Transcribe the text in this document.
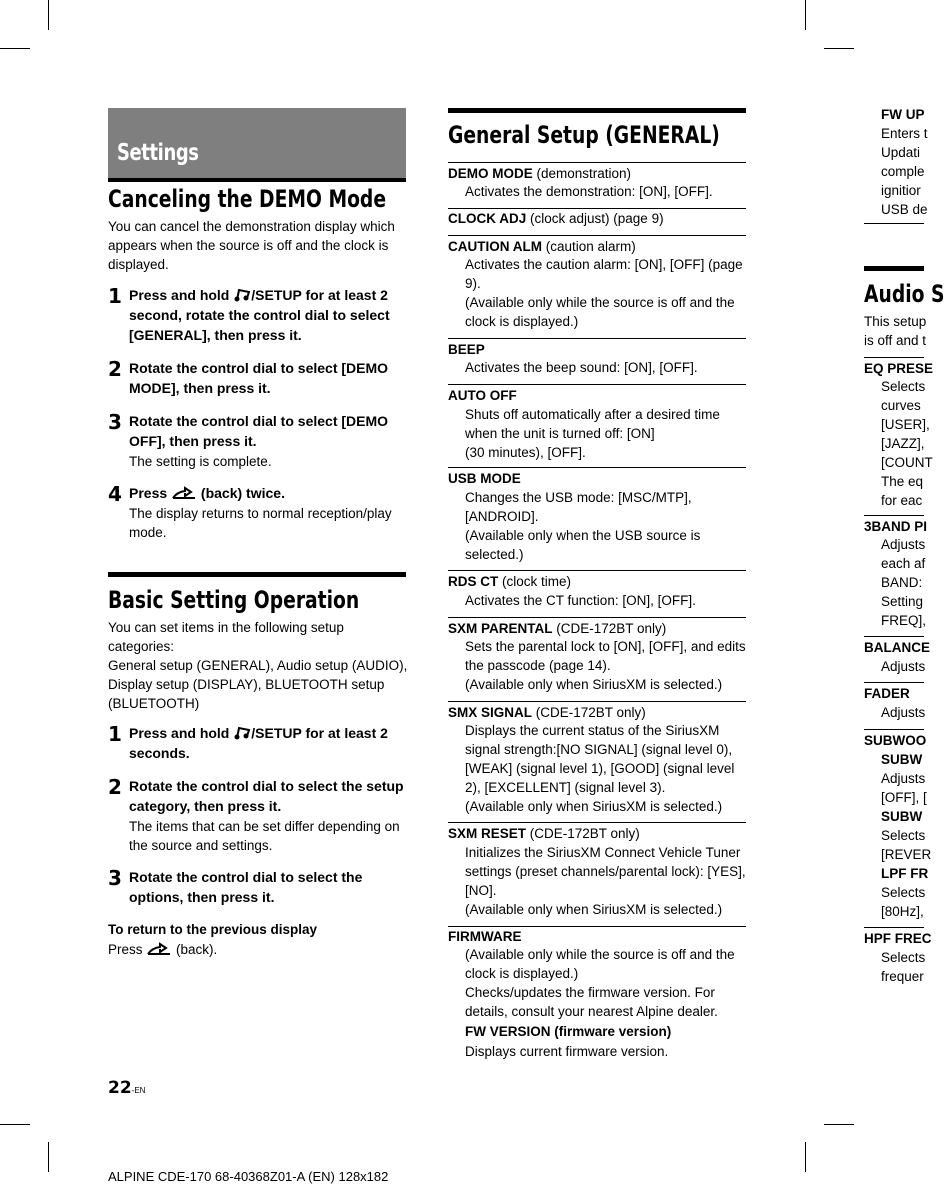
Settings
Canceling the DEMO Mode
You can cancel the demonstration display which appears when the source is off and the clock is displayed.
1 Press and hold /SETUP for at least 2 second, rotate the control dial to select [GENERAL], then press it.
2 Rotate the control dial to select [DEMO MODE], then press it.
3 Rotate the control dial to select [DEMO OFF], then press it.
The setting is complete.
4 Press  (back) twice.
The display returns to normal reception/play mode.
Basic Setting Operation
You can set items in the following setup categories:
General setup (GENERAL), Audio setup (AUDIO), Display setup (DISPLAY), BLUETOOTH setup (BLUETOOTH)
1 Press and hold /SETUP for at least 2 seconds.
2 Rotate the control dial to select the setup category, then press it.
The items that can be set differ depending on the source and settings.
3 Rotate the control dial to select the options, then press it.
To return to the previous display
Press  (back).
22-EN
ALPINE CDE-170 68-40368Z01-A (EN) 128x182
General Setup (GENERAL)
DEMO MODE (demonstration)
Activates the demonstration: [ON], [OFF].
CLOCK ADJ (clock adjust) (page 9)
CAUTION ALM (caution alarm)
Activates the caution alarm: [ON], [OFF] (page 9).
(Available only while the source is off and the clock is displayed.)
BEEP
Activates the beep sound: [ON], [OFF].
AUTO OFF
Shuts off automatically after a desired time when the unit is turned off: [ON]
(30 minutes), [OFF].
USB MODE
Changes the USB mode: [MSC/MTP], [ANDROID].
(Available only when the USB source is selected.)
RDS CT (clock time)
Activates the CT function: [ON], [OFF].
SXM PARENTAL (CDE-172BT only)
Sets the parental lock to [ON], [OFF], and edits the passcode (page 14).
(Available only when SiriusXM is selected.)
SMX SIGNAL (CDE-172BT only)
Displays the current status of the SiriusXM signal strength:[NO SIGNAL] (signal level 0), [WEAK] (signal level 1), [GOOD] (signal level 2), [EXCELLENT] (signal level 3).
(Available only when SiriusXM is selected.)
SXM RESET (CDE-172BT only)
Initializes the SiriusXM Connect Vehicle Tuner settings (preset channels/parental lock): [YES], [NO].
(Available only when SiriusXM is selected.)
FIRMWARE
(Available only while the source is off and the clock is displayed.)
Checks/updates the firmware version. For details, consult your nearest Alpine dealer.
FW VERSION (firmware version)
Displays current firmware version.
FW UP
Enters t
Updati
comple
ignitior
USB de
Audio S
This setup
is off and t
EQ PRESE
Selects
curves
[USER],
[JAZZ],
[COUNT
The eq
for eac
3BAND PI
Adjusts
each af
BAND:
Setting
FREQ],
BALANCE
Adjusts
FADER
Adjusts
SUBWOO
SUBW
Adjusts
[OFF], [
SUBW
Selects
[REVER
LPF FR
Selects
[80Hz],
HPF FREC
Selects
frequer
